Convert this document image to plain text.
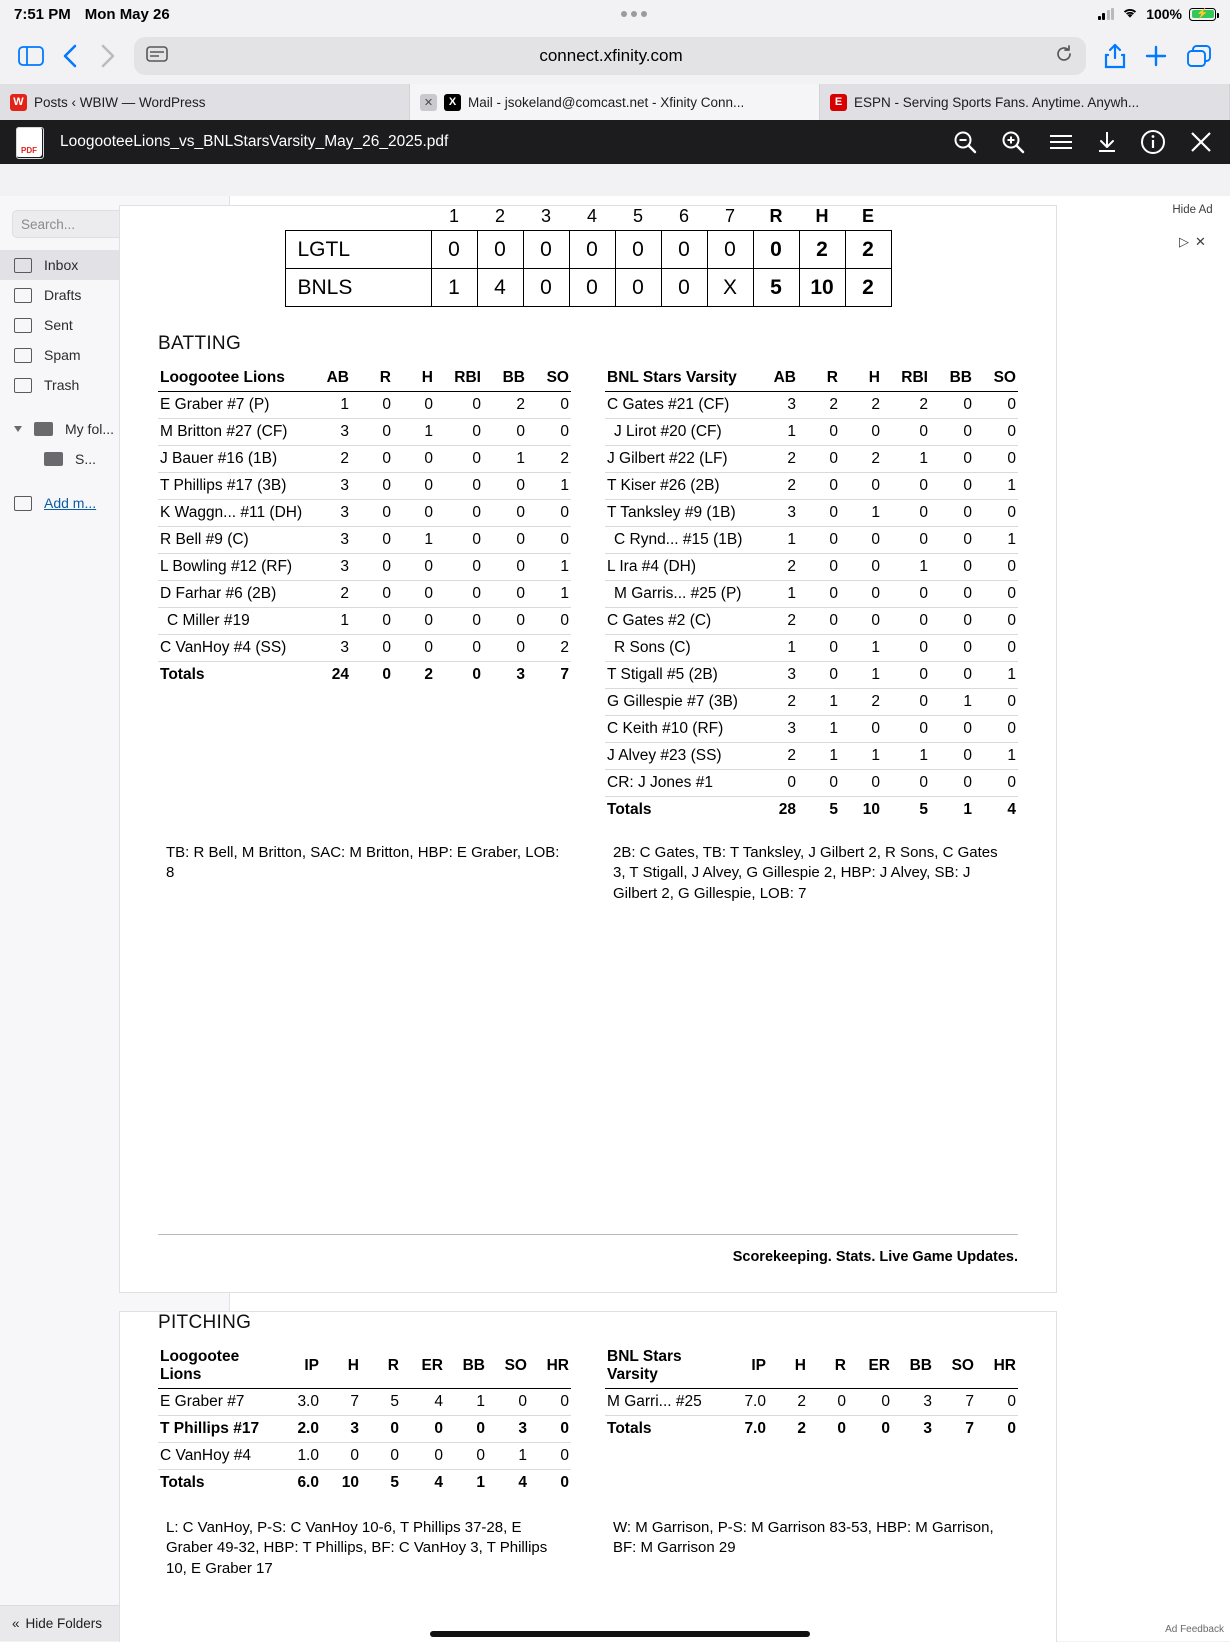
7:51 PM Mon May 26	100% ⚡
connect.xfinity.com
W Posts ‹ WBIW — WordPress	✕	X Mail - jsokeland@comcast.net - Xfinity Conn...	E ESPN - Serving Sports Fans. Anytime. Anywh...
Search...
Inbox
Drafts
Sent
Spam
Trash
My fol...
S...
Add m...
« Hide Folders
Hide Ad
▷ ✕
Ad Feedback
PDF
LoogooteeLions_vs_BNLStarsVarsity_May_26_2025.pdf
	1	2	3	4	5	6	7	R	H	E
LGTL	0	0	0	0	0	0	0	0	2	2
BNLS	1	4	0	0	0	0	X	5	10	2
BATTING
Loogootee Lions	AB	R	H	RBI	BB	SO
E Graber #7 (P)	1	0	0	0	2	0
M Britton #27 (CF)	3	0	1	0	0	0
J Bauer #16 (1B)	2	0	0	0	1	2
T Phillips #17 (3B)	3	0	0	0	0	1
K Waggn... #11 (DH)	3	0	0	0	0	0
R Bell #9 (C)	3	0	1	0	0	0
L Bowling #12 (RF)	3	0	0	0	0	1
D Farhar #6 (2B)	2	0	0	0	0	1
C Miller #19	1	0	0	0	0	0
C VanHoy #4 (SS)	3	0	0	0	0	2
Totals	24	0	2	0	3	7
BNL Stars Varsity	AB	R	H	RBI	BB	SO
C Gates #21 (CF)	3	2	2	2	0	0
J Lirot #20 (CF)	1	0	0	0	0	0
J Gilbert #22 (LF)	2	0	2	1	0	0
T Kiser #26 (2B)	2	0	0	0	0	1
T Tanksley #9 (1B)	3	0	1	0	0	0
C Rynd... #15 (1B)	1	0	0	0	0	1
L Ira #4 (DH)	2	0	0	1	0	0
M Garris... #25 (P)	1	0	0	0	0	0
C Gates #2 (C)	2	0	0	0	0	0
R Sons (C)	1	0	1	0	0	0
T Stigall #5 (2B)	3	0	1	0	0	1
G Gillespie #7 (3B)	2	1	2	0	1	0
C Keith #10 (RF)	3	1	0	0	0	0
J Alvey #23 (SS)	2	1	1	1	0	1
CR: J Jones #1	0	0	0	0	0	0
Totals	28	5	10	5	1	4
TB: R Bell, M Britton, SAC: M Britton, HBP: E Graber, LOB: 8
2B: C Gates, TB: T Tanksley, J Gilbert 2, R Sons, C Gates 3, T Stigall, J Alvey, G Gillespie 2, HBP: J Alvey, SB: J Gilbert 2, G Gillespie, LOB: 7
Scorekeeping. Stats. Live Game Updates.
PITCHING
Loogootee Lions	IP	H	R	ER	BB	SO	HR
E Graber #7	3.0	7	5	4	1	0	0
T Phillips #17	2.0	3	0	0	0	3	0
C VanHoy #4	1.0	0	0	0	0	1	0
Totals	6.0	10	5	4	1	4	0
BNL Stars Varsity	IP	H	R	ER	BB	SO	HR
M Garri... #25	7.0	2	0	0	3	7	0
Totals	7.0	2	0	0	3	7	0
L: C VanHoy, P-S: C VanHoy 10-6, T Phillips 37-28, E Graber 49-32, HBP: T Phillips, BF: C VanHoy 3, T Phillips 10, E Graber 17
W: M Garrison, P-S: M Garrison 83-53, HBP: M Garrison, BF: M Garrison 29
